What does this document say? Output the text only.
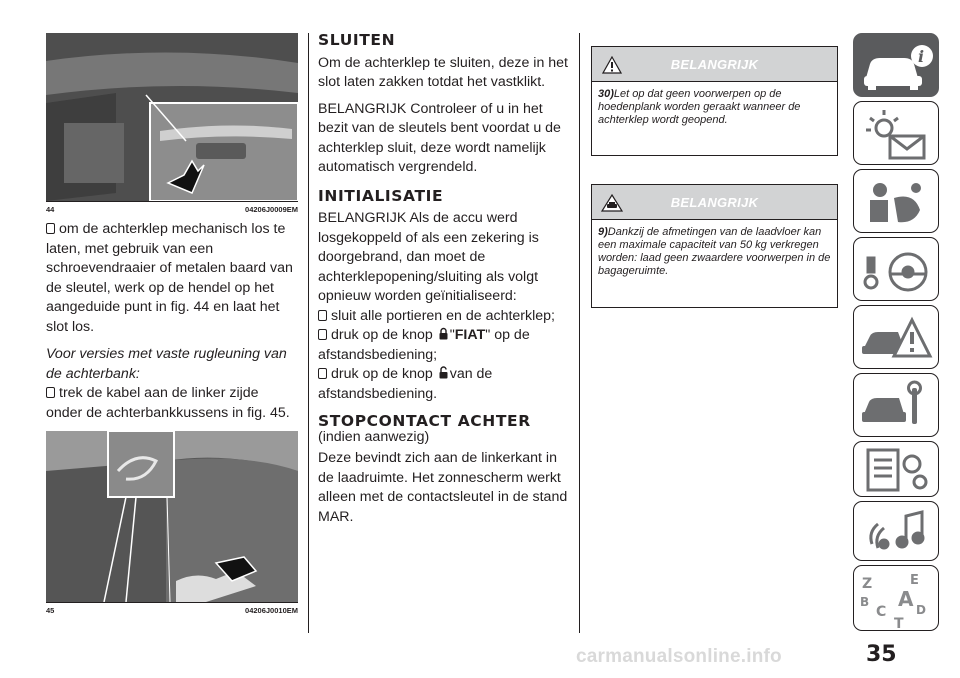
44	04206J0009EM

om de achterklep mechanisch los te laten, met gebruik van een schroevendraaier of metalen baard van de sleutel, werk op de hendel op het aangeduide punt in fig. 44 en laat het slot los.

Voor versies met vaste rugleuning van de achterbank:

trek de kabel aan de linker zijde onder de achterbankkussens in fig. 45.

45	04206J0010EM
SLUITEN

Om de achterklep te sluiten, deze in het slot laten zakken totdat het vastklikt.

BELANGRIJK Controleer of u in het bezit van de sleutels bent voordat u de achterklep sluit, deze wordt namelijk automatisch vergrendeld.

INITIALISATIE

BELANGRIJK Als de accu werd losgekoppeld of als een zekering is doorgebrand, dan moet de achterklepopening/sluiting als volgt opnieuw worden geïnitialiseerd:

sluit alle portieren en de achterklep;

druk op de knop "FIAT" op de afstandsbediening;

druk op de knop van de afstandsbediening.

STOPCONTACT ACHTER
(indien aanwezig)

Deze bevindt zich aan de linkerkant in de laadruimte. Het zonnescherm werkt alleen met de contactsleutel in de stand MAR.

BELANGRIJK
30)Let op dat geen voorwerpen op de hoedenplank worden geraakt wanneer de achterklep wordt geopend.
BELANGRIJK
9)Dankzij de afmetingen van de laadvloer kan een maximale capaciteit van 50 kg verkregen worden: laad geen zwaardere voorwerpen in de bagageruimte.
i
Z	E
B A
C D
T
35
carmanualsonline.info
